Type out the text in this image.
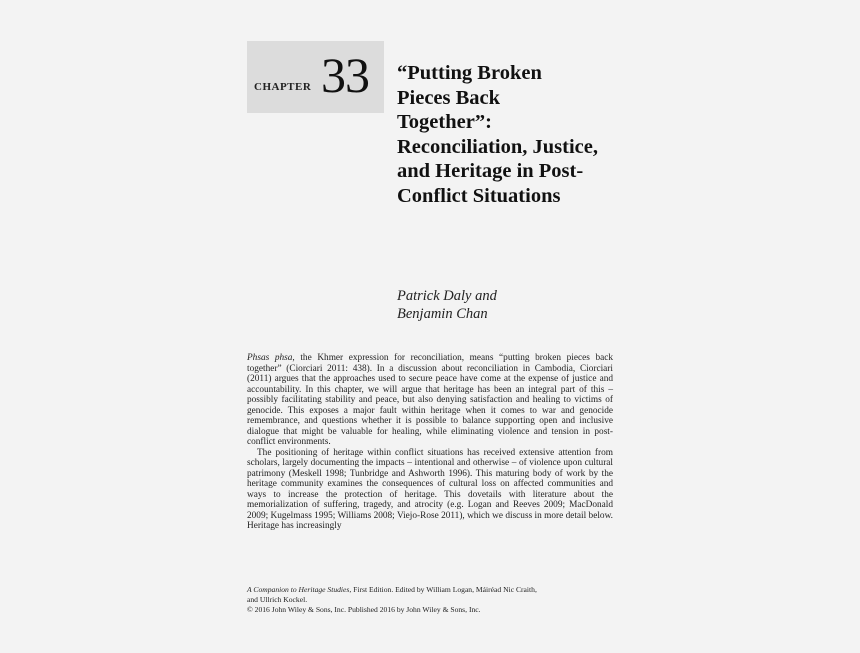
CHAPTER 33 “Putting Broken
Pieces Back
Together”:
Reconciliation, Justice,
and Heritage in Post-
Conflict Situations
Patrick Daly and
Benjamin Chan

Phsas phsa, the Khmer expression for reconciliation, means “putting broken pieces back together” (Ciorciari 2011: 438). In a discussion about reconciliation in Cambodia, Ciorciari (2011) argues that the approaches used to secure peace have come at the expense of justice and accountability. In this chapter, we will argue that heritage has been an integral part of this – possibly facilitating stability and peace, but also denying satisfaction and healing to victims of genocide. This exposes a major fault within heritage when it comes to war and genocide remembrance, and questions whether it is possible to balance supporting open and inclusive dialogue that might be valuable for healing, while eliminating violence and tension in post-conflict environments.

The positioning of heritage within conflict situations has received extensive attention from scholars, largely documenting the impacts – intentional and otherwise – of violence upon cultural patrimony (Meskell 1998; Tunbridge and Ashworth 1996). This maturing body of work by the heritage community examines the consequences of cultural loss on affected communities and ways to increase the protection of heritage. This dovetails with literature about the memorialization of suffering, tragedy, and atrocity (e.g. Logan and Reeves 2009; MacDonald 2009; Kugelmass 1995; Williams 2008; Viejo-Rose 2011), which we discuss in more detail below. Heritage has increasingly

A Companion to Heritage Studies, First Edition. Edited by William Logan, Máiréad Nic Craith,
and Ullrich Kockel.
© 2016 John Wiley & Sons, Inc. Published 2016 by John Wiley & Sons, Inc.
